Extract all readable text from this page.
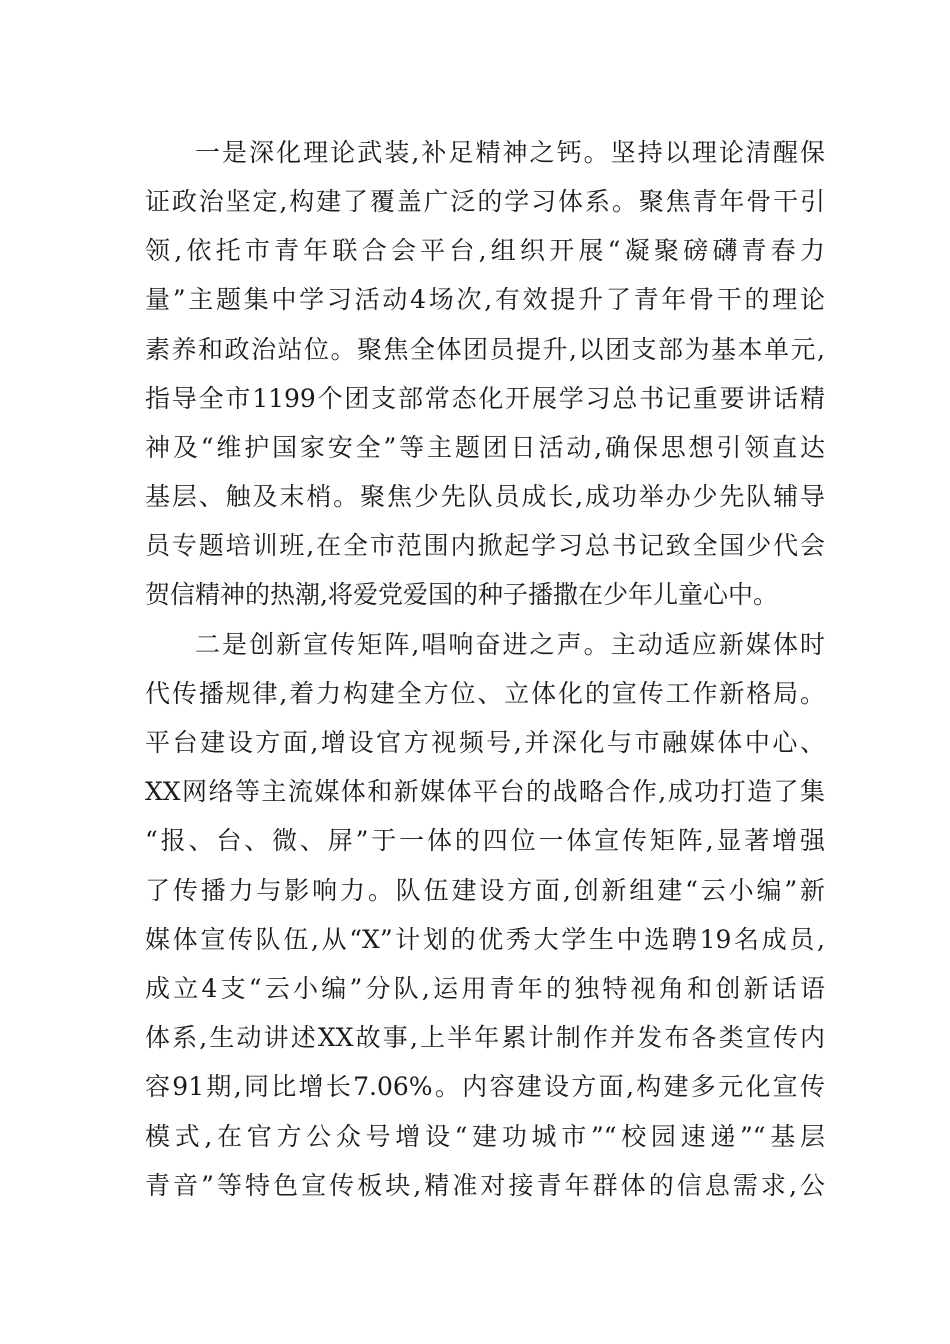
一是深化理论武装,补足精神之钙。坚持以理论清醒保
证政治坚定,构建了覆盖广泛的学习体系。聚焦青年骨干引
领,依托市青年联合会平台,组织开展“凝聚磅礴青春力
量”主题集中学习活动4场次,有效提升了青年骨干的理论
素养和政治站位。聚焦全体团员提升,以团支部为基本单元,
指导全市1199个团支部常态化开展学习总书记重要讲话精
神及“维护国家安全”等主题团日活动,确保思想引领直达
基层、触及末梢。聚焦少先队员成长,成功举办少先队辅导
员专题培训班,在全市范围内掀起学习总书记致全国少代会
贺信精神的热潮,将爱党爱国的种子播撒在少年儿童心中。
二是创新宣传矩阵,唱响奋进之声。主动适应新媒体时
代传播规律,着力构建全方位、立体化的宣传工作新格局。
平台建设方面,增设官方视频号,并深化与市融媒体中心、
XX网络等主流媒体和新媒体平台的战略合作,成功打造了集
“报、台、微、屏”于一体的四位一体宣传矩阵,显著增强
了传播力与影响力。队伍建设方面,创新组建“云小编”新
媒体宣传队伍,从“X”计划的优秀大学生中选聘19名成员,
成立4支“云小编”分队,运用青年的独特视角和创新话语
体系,生动讲述XX故事,上半年累计制作并发布各类宣传内
容91期,同比增长7.06%。内容建设方面,构建多元化宣传
模式,在官方公众号增设“建功城市”“校园速递”“基层
青音”等特色宣传板块,精准对接青年群体的信息需求,公
